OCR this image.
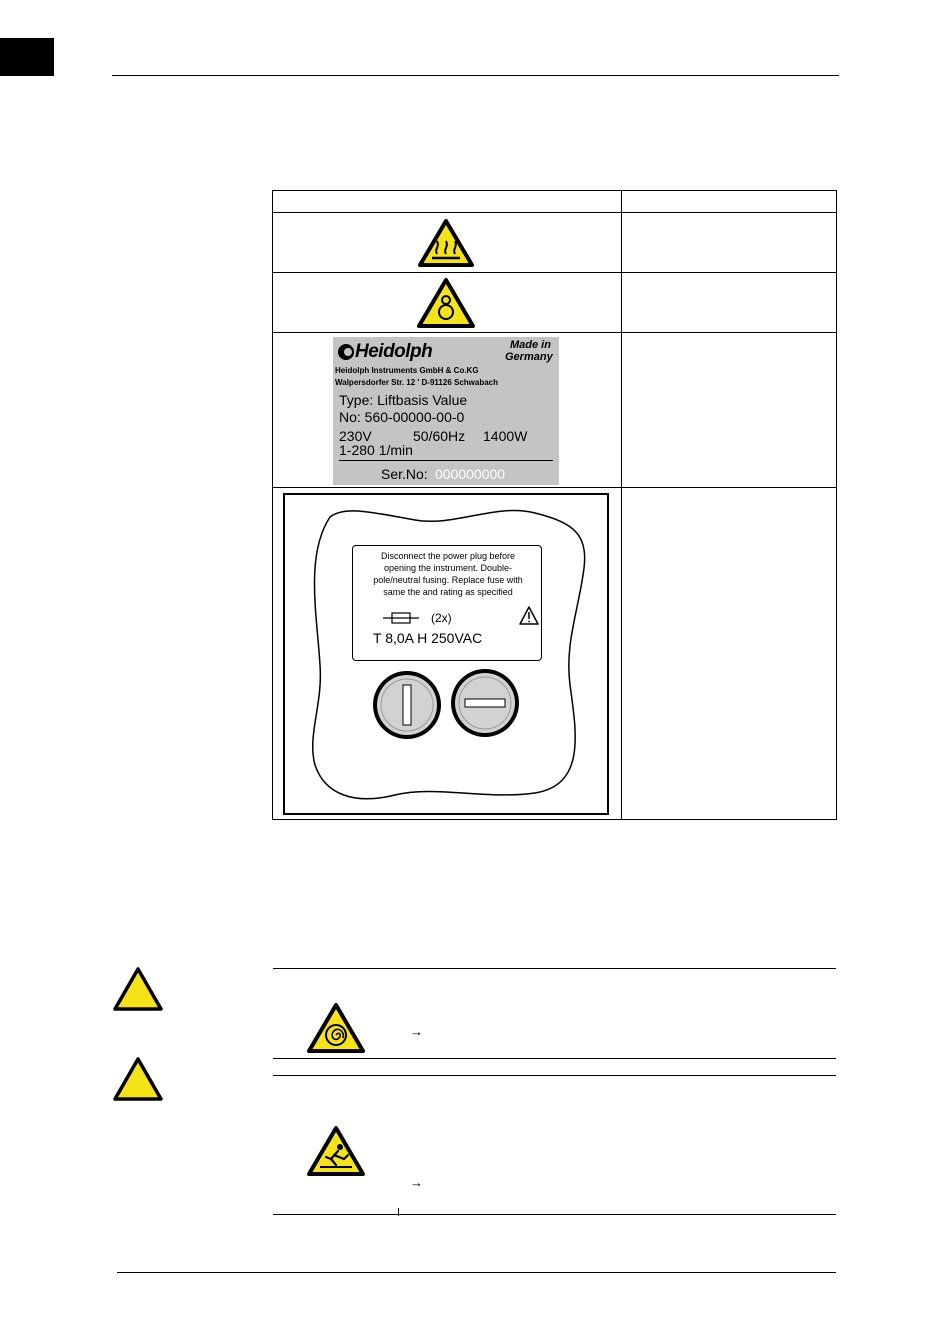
Heidolph	Made in
Germany
Heidolph Instruments GmbH & Co.KG
Walpersdorfer Str. 12 ' D-91126 Schwabach
Type: Liftbasis Value
No: 560-00000-00-0
230V	50/60Hz 1400W
1-280 1/min
Ser.No: 000000000
Disconnect the power plug before
opening the instrument. Double-
pole/neutral fusing. Replace fuse with
same the and rating as specified
(2x)
T 8,0A H 250VAC
→
→
